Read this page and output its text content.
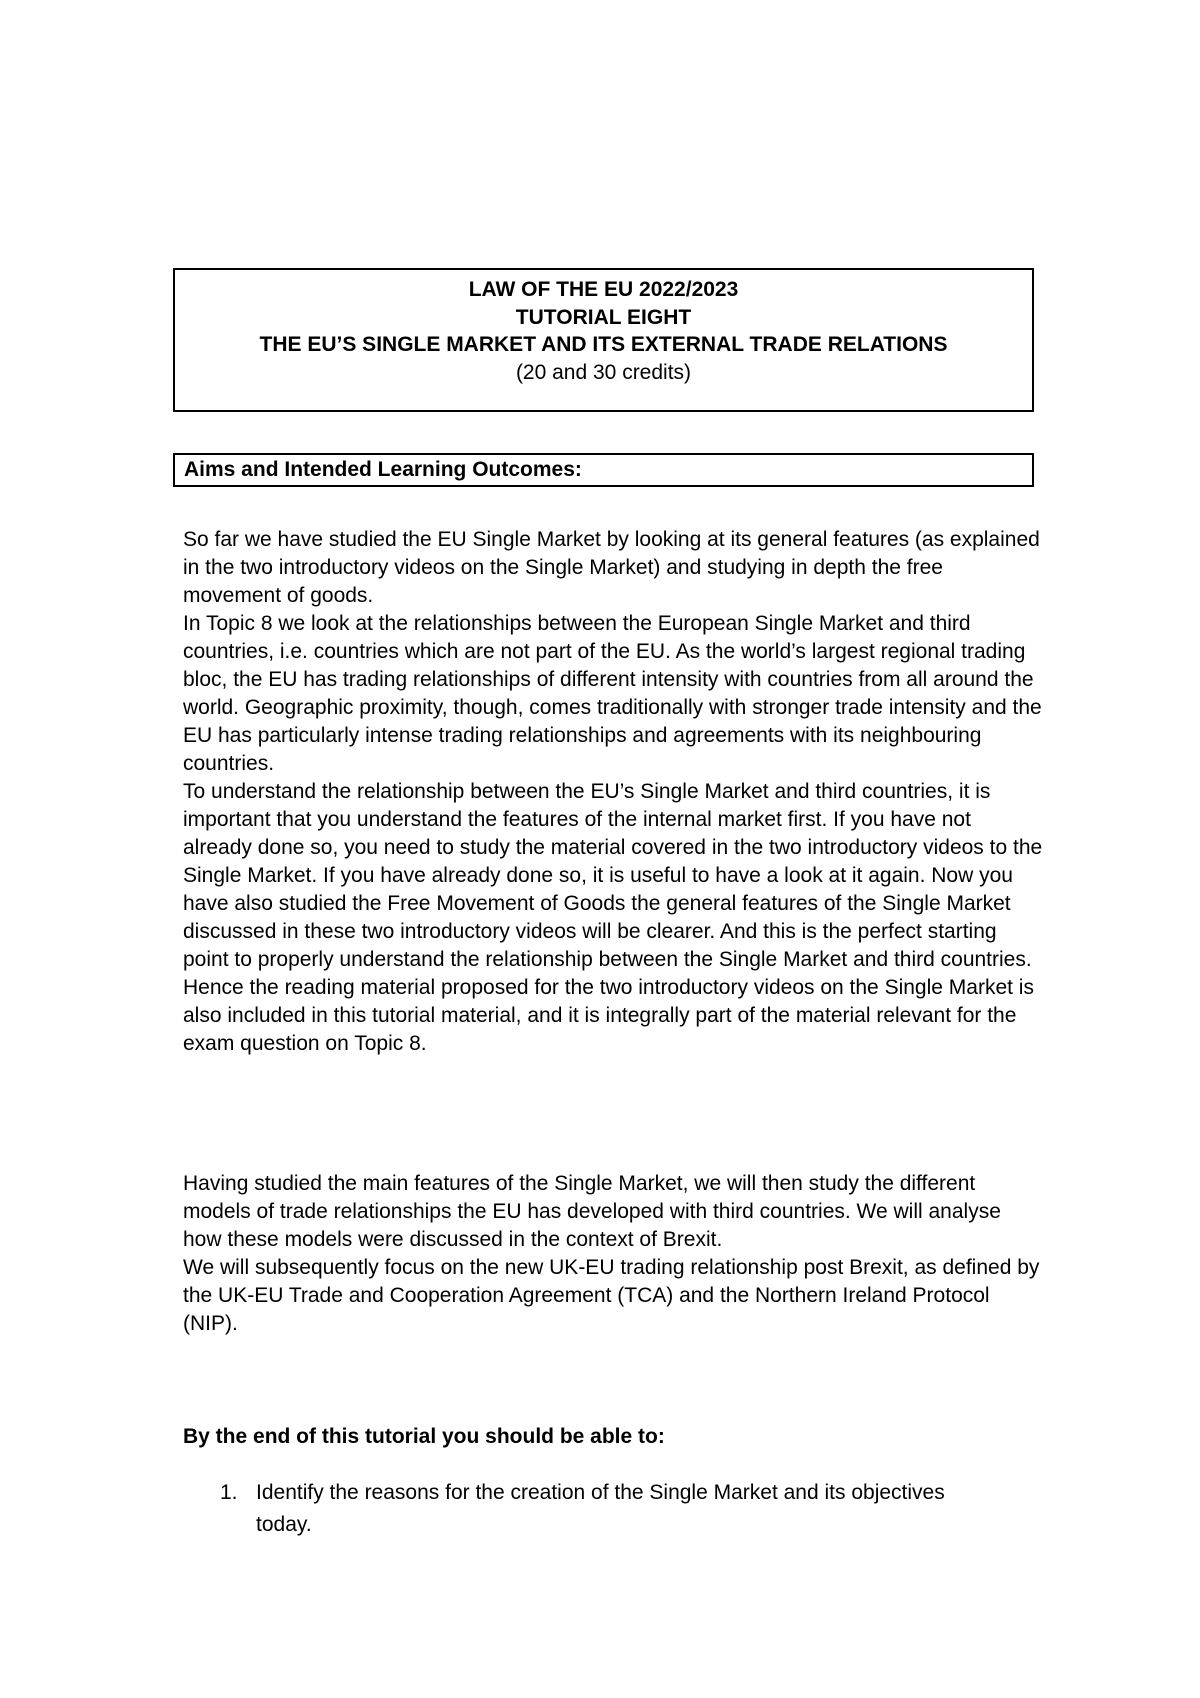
LAW OF THE EU 2022/2023

TUTORIAL EIGHT

THE EU’S SINGLE MARKET AND ITS EXTERNAL TRADE RELATIONS

(20 and 30 credits)

Aims and Intended Learning Outcomes:

So far we have studied the EU Single Market by looking at its general features (as explained in the two introductory videos on the Single Market) and studying in depth the free movement of goods.

In Topic 8 we look at the relationships between the European Single Market and third countries, i.e. countries which are not part of the EU. As the world’s largest regional trading bloc, the EU has trading relationships of different intensity with countries from all around the world. Geographic proximity, though, comes traditionally with stronger trade intensity and the EU has particularly intense trading relationships and agreements with its neighbouring countries.

To understand the relationship between the EU’s Single Market and third countries, it is important that you understand the features of the internal market first. If you have not already done so, you need to study the material covered in the two introductory videos to the Single Market. If you have already done so, it is useful to have a look at it again. Now you have also studied the Free Movement of Goods the general features of the Single Market discussed in these two introductory videos will be clearer. And this is the perfect starting point to properly understand the relationship between the Single Market and third countries.

Hence the reading material proposed for the two introductory videos on the Single Market is also included in this tutorial material, and it is integrally part of the material relevant for the exam question on Topic 8.

Having studied the main features of the Single Market, we will then study the different models of trade relationships the EU has developed with third countries. We will analyse how these models were discussed in the context of Brexit.

We will subsequently focus on the new UK-EU trading relationship post Brexit, as defined by the UK-EU Trade and Cooperation Agreement (TCA) and the Northern Ireland Protocol (NIP).

By the end of this tutorial you should be able to:
1. Identify the reasons for the creation of the Single Market and its objectives today.
